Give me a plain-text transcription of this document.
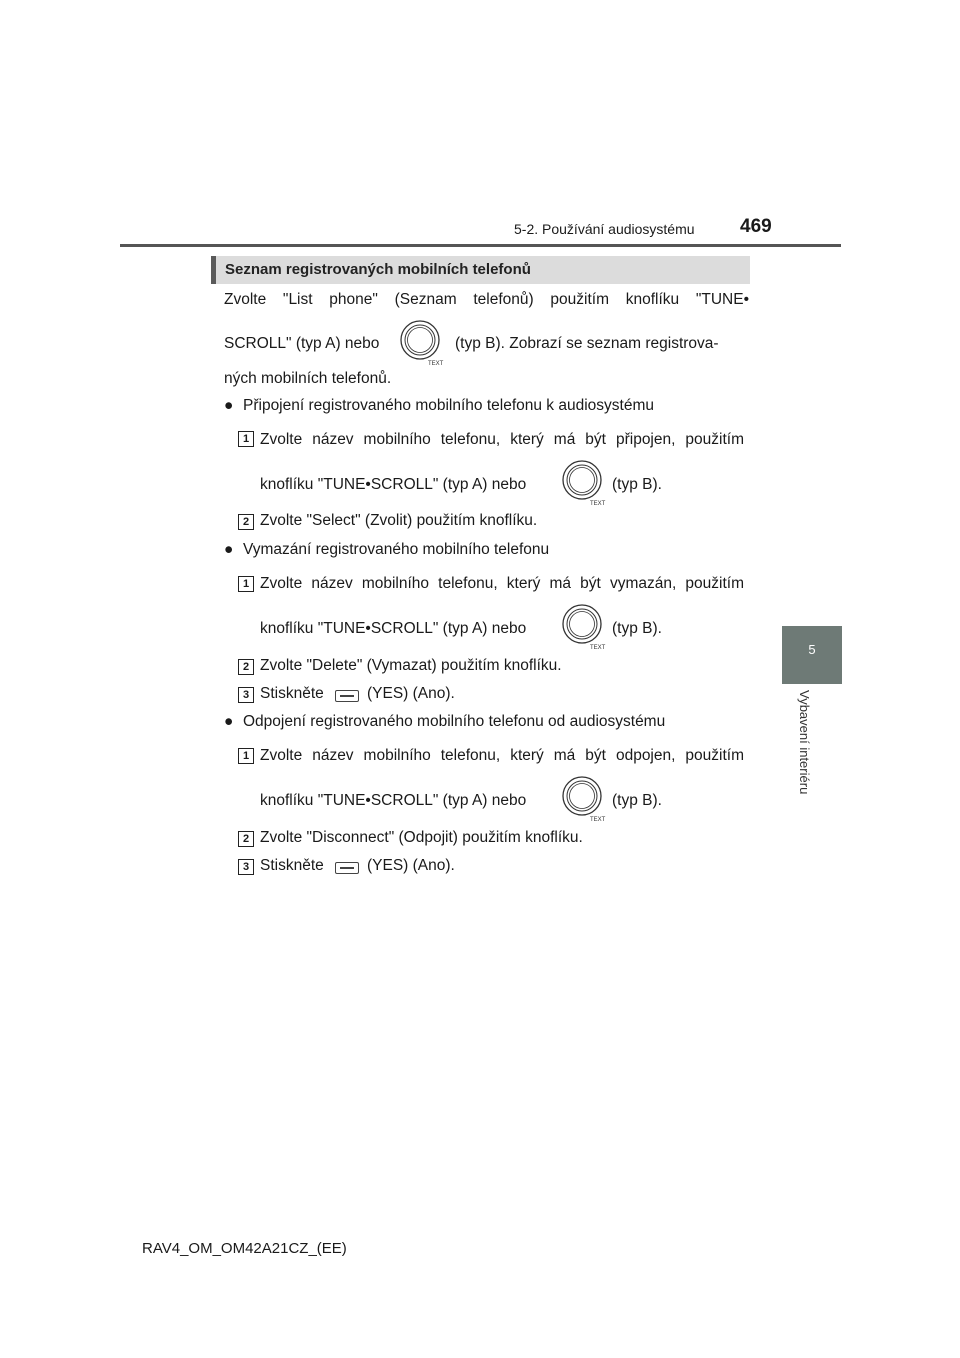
5-2. Používání audiosystému 469
5
Vybavení interiéru
Seznam registrovaných mobilních telefonů
Zvolte "List phone" (Seznam telefonů) použitím knoflíku "TUNE•
SCROLL" (typ A) nebo
TEXT
(typ B). Zobrazí se seznam registrova-
ných mobilních telefonů.
● Připojení registrovaného mobilního telefonu k audiosystému
1 Zvolte název mobilního telefonu, který má být připojen, použitím
knoflíku "TUNE•SCROLL" (typ A) nebo
TEXT
(typ B).
2 Zvolte "Select" (Zvolit) použitím knoflíku.
● Vymazání registrovaného mobilního telefonu
1 Zvolte název mobilního telefonu, který má být vymazán, použitím
knoflíku "TUNE•SCROLL" (typ A) nebo
TEXT
(typ B).
2 Zvolte "Delete" (Vymazat) použitím knoflíku.
3 Stiskněte	(YES) (Ano).
● Odpojení registrovaného mobilního telefonu od audiosystému
1 Zvolte název mobilního telefonu, který má být odpojen, použitím
knoflíku "TUNE•SCROLL" (typ A) nebo
TEXT
(typ B).
2 Zvolte "Disconnect" (Odpojit) použitím knoflíku.
3 Stiskněte	(YES) (Ano).
RAV4_OM_OM42A21CZ_(EE)
